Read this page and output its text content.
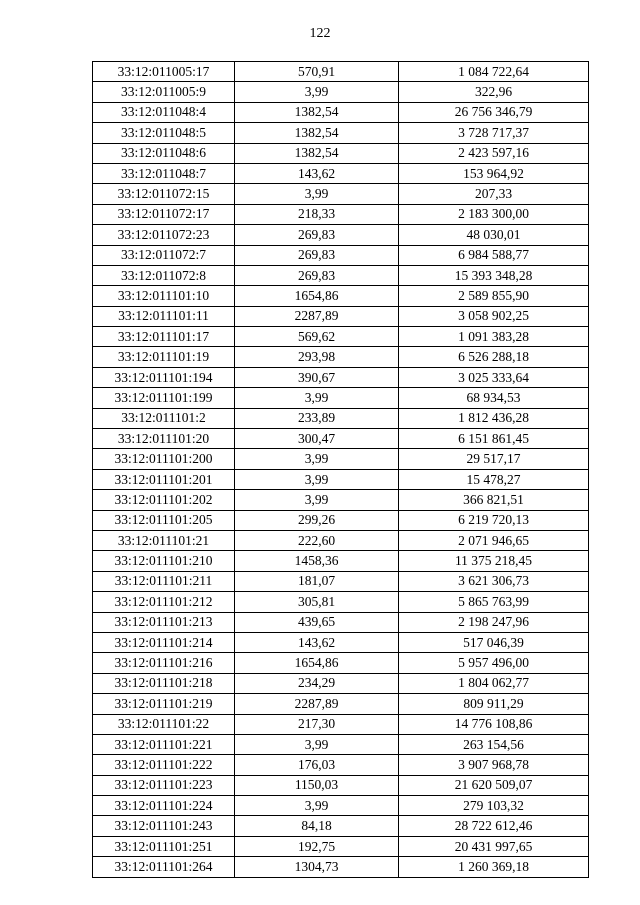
122
33:12:011005:17	570,91	1 084 722,64
33:12:011005:9	3,99	322,96
33:12:011048:4	1382,54	26 756 346,79
33:12:011048:5	1382,54	3 728 717,37
33:12:011048:6	1382,54	2 423 597,16
33:12:011048:7	143,62	153 964,92
33:12:011072:15	3,99	207,33
33:12:011072:17	218,33	2 183 300,00
33:12:011072:23	269,83	48 030,01
33:12:011072:7	269,83	6 984 588,77
33:12:011072:8	269,83	15 393 348,28
33:12:011101:10	1654,86	2 589 855,90
33:12:011101:11	2287,89	3 058 902,25
33:12:011101:17	569,62	1 091 383,28
33:12:011101:19	293,98	6 526 288,18
33:12:011101:194	390,67	3 025 333,64
33:12:011101:199	3,99	68 934,53
33:12:011101:2	233,89	1 812 436,28
33:12:011101:20	300,47	6 151 861,45
33:12:011101:200	3,99	29 517,17
33:12:011101:201	3,99	15 478,27
33:12:011101:202	3,99	366 821,51
33:12:011101:205	299,26	6 219 720,13
33:12:011101:21	222,60	2 071 946,65
33:12:011101:210	1458,36	11 375 218,45
33:12:011101:211	181,07	3 621 306,73
33:12:011101:212	305,81	5 865 763,99
33:12:011101:213	439,65	2 198 247,96
33:12:011101:214	143,62	517 046,39
33:12:011101:216	1654,86	5 957 496,00
33:12:011101:218	234,29	1 804 062,77
33:12:011101:219	2287,89	809 911,29
33:12:011101:22	217,30	14 776 108,86
33:12:011101:221	3,99	263 154,56
33:12:011101:222	176,03	3 907 968,78
33:12:011101:223	1150,03	21 620 509,07
33:12:011101:224	3,99	279 103,32
33:12:011101:243	84,18	28 722 612,46
33:12:011101:251	192,75	20 431 997,65
33:12:011101:264	1304,73	1 260 369,18
